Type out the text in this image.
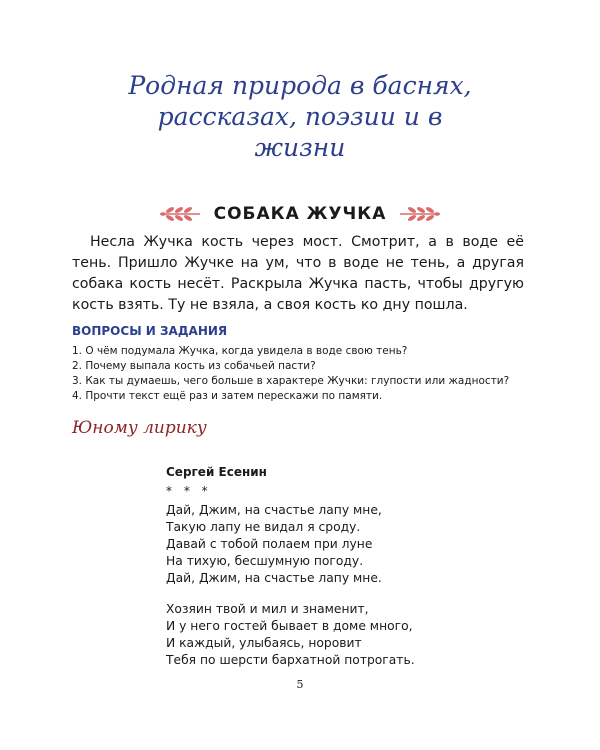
Родная природа в баснях,
рассказах, поэзии и в жизни
СОБАКА ЖУЧКА

Несла Жучка кость через мост. Смотрит, а в воде её тень. Пришло Жучке на ум, что в воде не тень, а другая собака кость несёт. Раскрыла Жучка пасть, чтобы другую кость взять. Ту не взяла, а своя кость ко дну пошла.

ВОПРОСЫ И ЗАДАНИЯ
1. О чём подумала Жучка, когда увидела в воде свою тень?
2. Почему выпала кость из собачьей пасти?
3. Как ты думаешь, чего больше в характере Жучки: глупости или жадности?
4. Прочти текст ещё раз и затем перескажи по памяти.
Юному лирику
Сергей Есенин
* * *
Дай, Джим, на счастье лапу мне,
Такую лапу не видал я сроду.
Давай с тобой полаем при луне
На тихую, бесшумную погоду.
Дай, Джим, на счастье лапу мне.
Хозяин твой и мил и знаменит,
И у него гостей бывает в доме много,
И каждый, улыбаясь, норовит
Тебя по шерсти бархатной потрогать.
5
